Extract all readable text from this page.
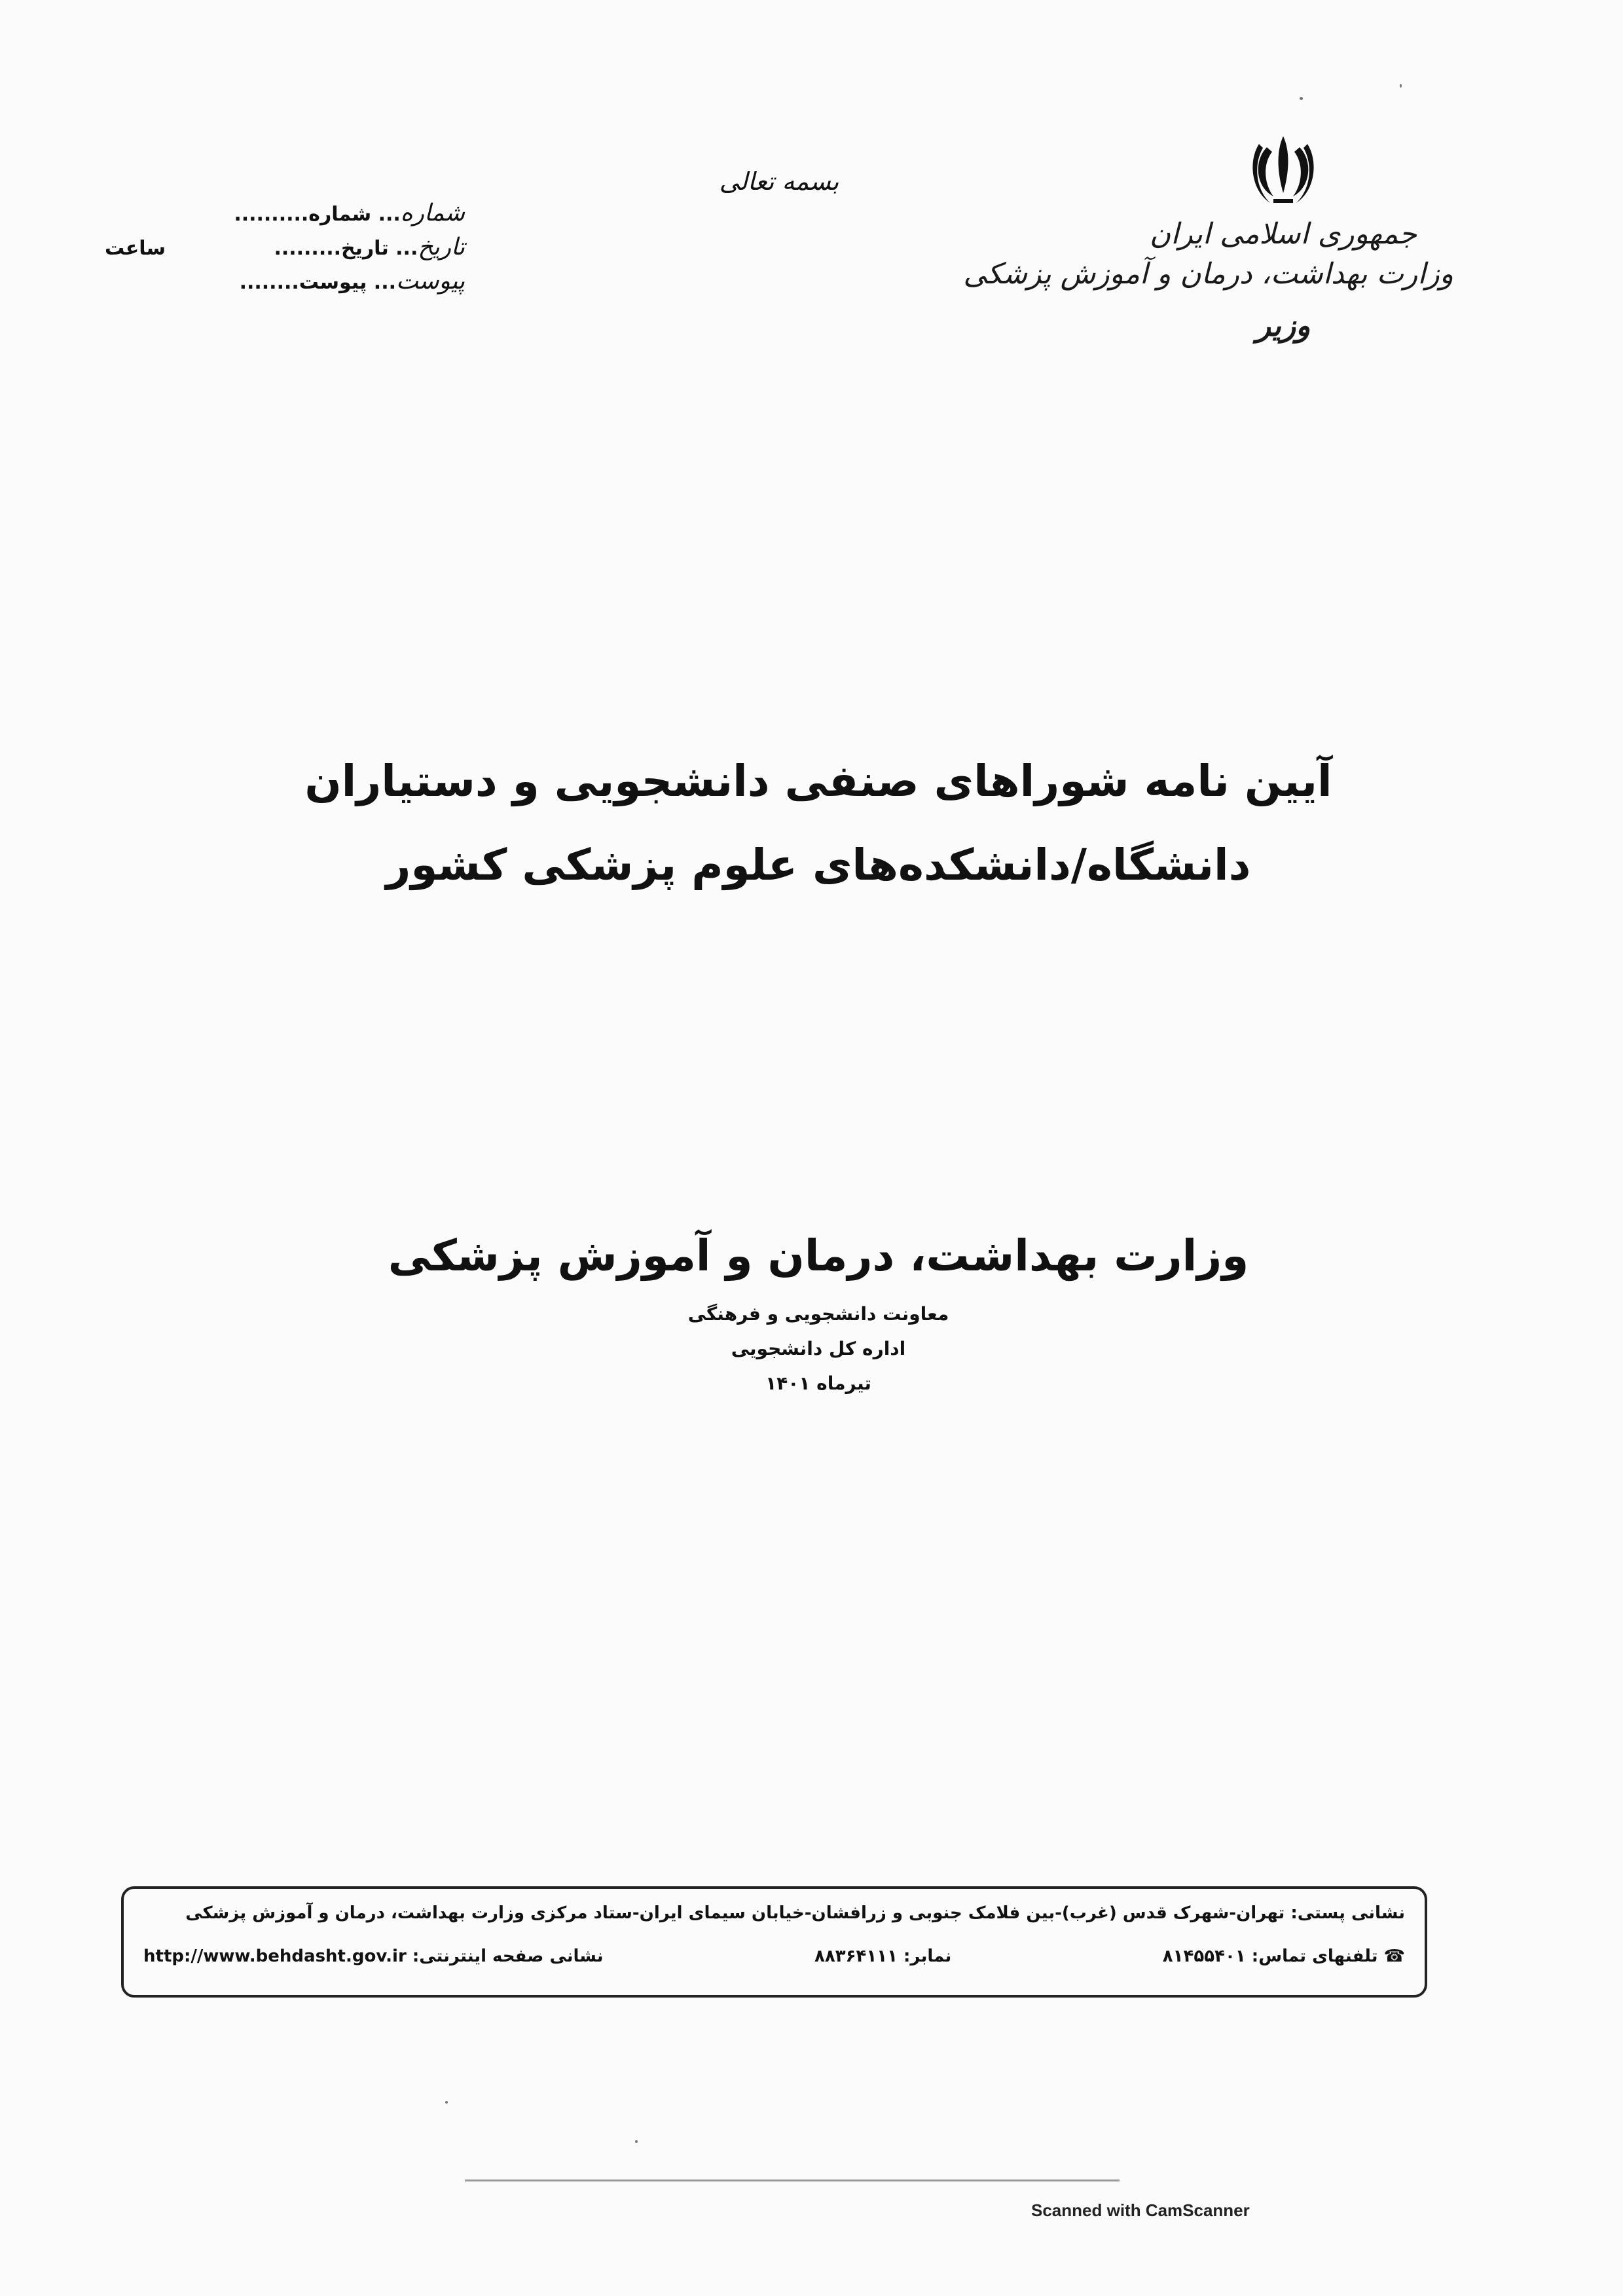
جمهوری اسلامی ایران
وزارت بهداشت، درمان و آموزش پزشکی
وزیر
بسمه تعالی
شماره... شماره..........
تاریخ... تاریخ.........
پیوست... پیوست........
ساعت
آیین نامه شوراهای صنفی دانشجویی و دستیاران
دانشگاه/دانشکده‌های علوم پزشکی کشور
وزارت بهداشت، درمان و آموزش پزشکی
معاونت دانشجویی و فرهنگی
اداره کل دانشجویی
تیرماه ۱۴۰۱
نشانی پستی: تهران-شهرک قدس (غرب)-بین فلامک جنوبی و زرافشان-خیابان سیمای ایران-ستاد مرکزی وزارت بهداشت، درمان و آموزش پزشکی
☎ تلفنهای تماس: ۸۱۴۵۵۴۰۱
نمابر: ۸۸۳۶۴۱۱۱
نشانی صفحه اینترنتی: http://www.behdasht.gov.ir
Scanned with CamScanner
